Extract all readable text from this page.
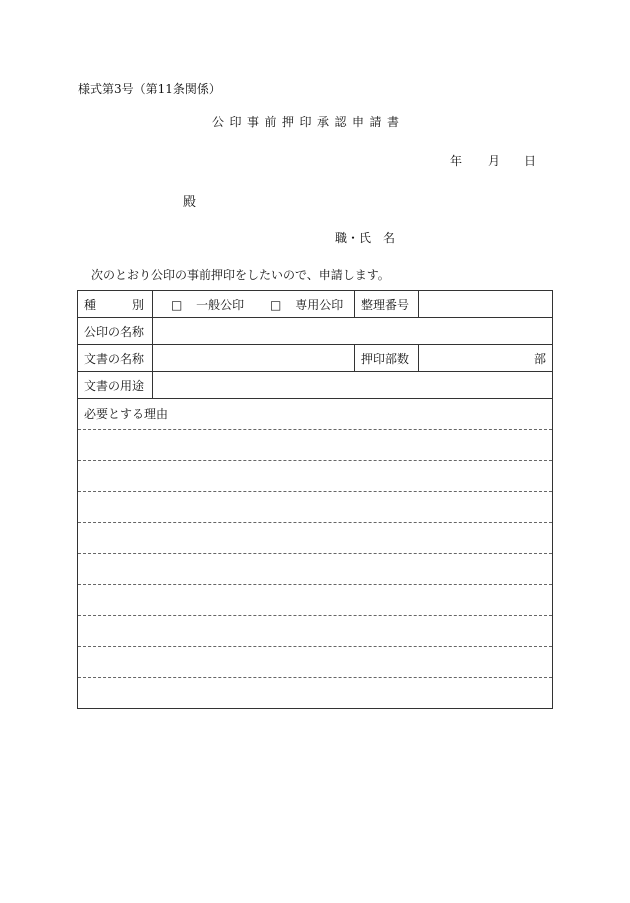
様式第3号（第11条関係）
公印事前押印承認申請書
年 月 日
殿
職・氏　名
次のとおり公印の事前押印をしたいので、申請します。
種 別	□ 一般公印 □ 専用公印	整理番号	
公印の名称			
文書の名称		押印部数	部
文書の用途			

必要とする理由			
